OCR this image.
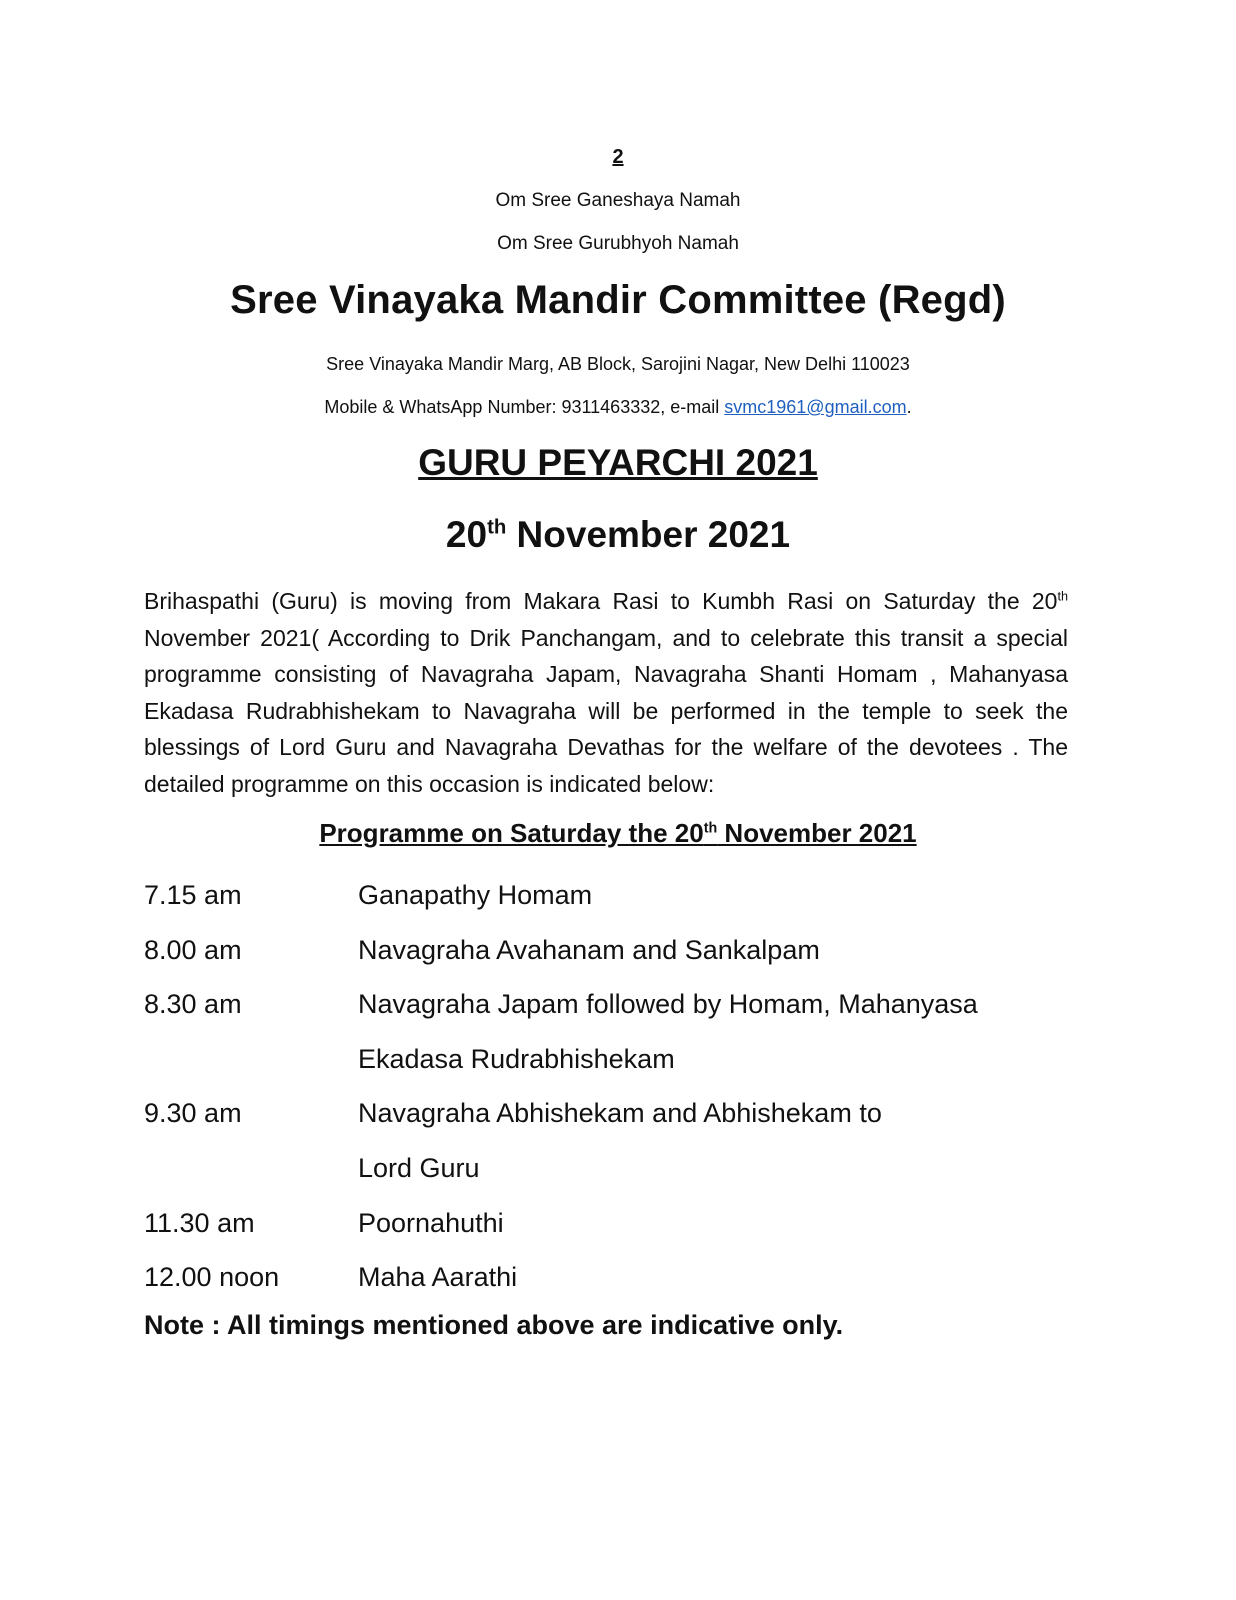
2
Om Sree Ganeshaya Namah
Om Sree Gurubhyoh Namah
Sree Vinayaka Mandir Committee (Regd)
Sree Vinayaka Mandir Marg, AB Block, Sarojini Nagar, New Delhi 110023
Mobile & WhatsApp Number: 9311463332, e-mail svmc1961@gmail.com.
GURU PEYARCHI 2021
20th November 2021
Brihaspathi (Guru) is moving from Makara Rasi to Kumbh Rasi on Saturday the 20th November 2021( According to Drik Panchangam, and to celebrate this transit a special programme consisting of Navagraha Japam, Navagraha Shanti Homam , Mahanyasa Ekadasa Rudrabhishekam to Navagraha will be performed in the temple to seek the blessings of Lord Guru and Navagraha Devathas for the welfare of the devotees . The detailed programme on this occasion is indicated below:
Programme on Saturday the 20th November 2021
7.15 am	Ganapathy Homam
8.00 am	Navagraha Avahanam and Sankalpam
8.30 am	Navagraha Japam followed by Homam, Mahanyasa
Ekadasa Rudrabhishekam
9.30 am	Navagraha Abhishekam and Abhishekam to
Lord Guru
11.30 am	Poornahuthi
12.00 noon	Maha Aarathi
Note : All timings mentioned above are indicative only.
